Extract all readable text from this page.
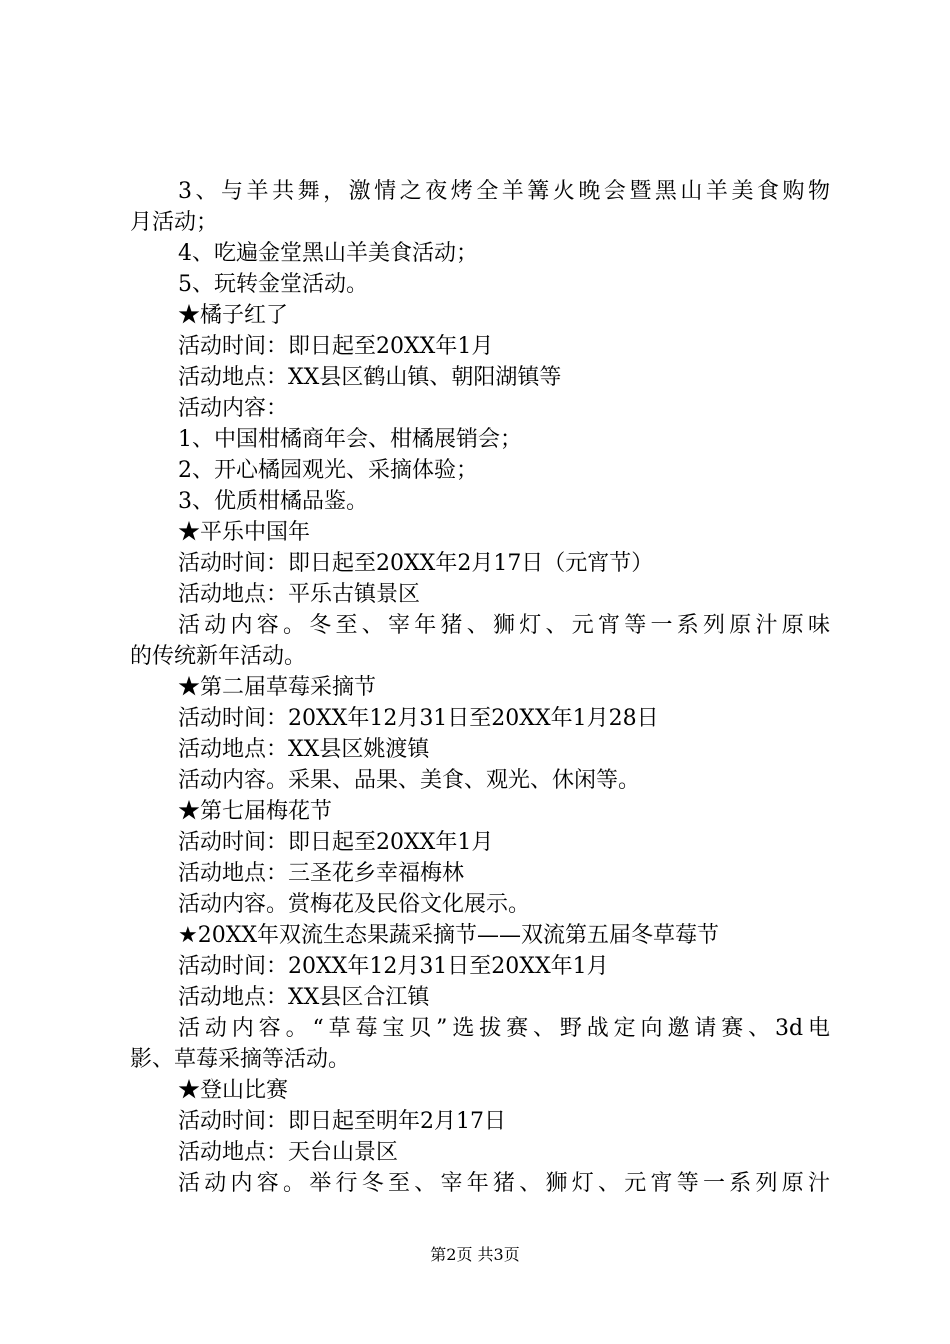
3、与羊共舞，激情之夜烤全羊篝火晚会暨黑山羊美食购物
月活动；
4、吃遍金堂黑山羊美食活动；
5、玩转金堂活动。
★橘子红了
活动时间：即日起至20XX年1月
活动地点：XX县区鹤山镇、朝阳湖镇等
活动内容：
1、中国柑橘商年会、柑橘展销会；
2、开心橘园观光、采摘体验；
3、优质柑橘品鉴。
★平乐中国年
活动时间：即日起至20XX年2月17日（元宵节）
活动地点：平乐古镇景区
活动内容。冬至、宰年猪、狮灯、元宵等一系列原汁原味
的传统新年活动。
★第二届草莓采摘节
活动时间：20XX年12月31日至20XX年1月28日
活动地点：XX县区姚渡镇
活动内容。采果、品果、美食、观光、休闲等。
★第七届梅花节
活动时间：即日起至20XX年1月
活动地点：三圣花乡幸福梅林
活动内容。赏梅花及民俗文化展示。
★20XX年双流生态果蔬采摘节——双流第五届冬草莓节
活动时间：20XX年12月31日至20XX年1月
活动地点：XX县区合江镇
活动内容。“草莓宝贝”选拔赛、野战定向邀请赛、3d电
影、草莓采摘等活动。
★登山比赛
活动时间：即日起至明年2月17日
活动地点：天台山景区
活动内容。举行冬至、宰年猪、狮灯、元宵等一系列原汁
第2页 共3页
